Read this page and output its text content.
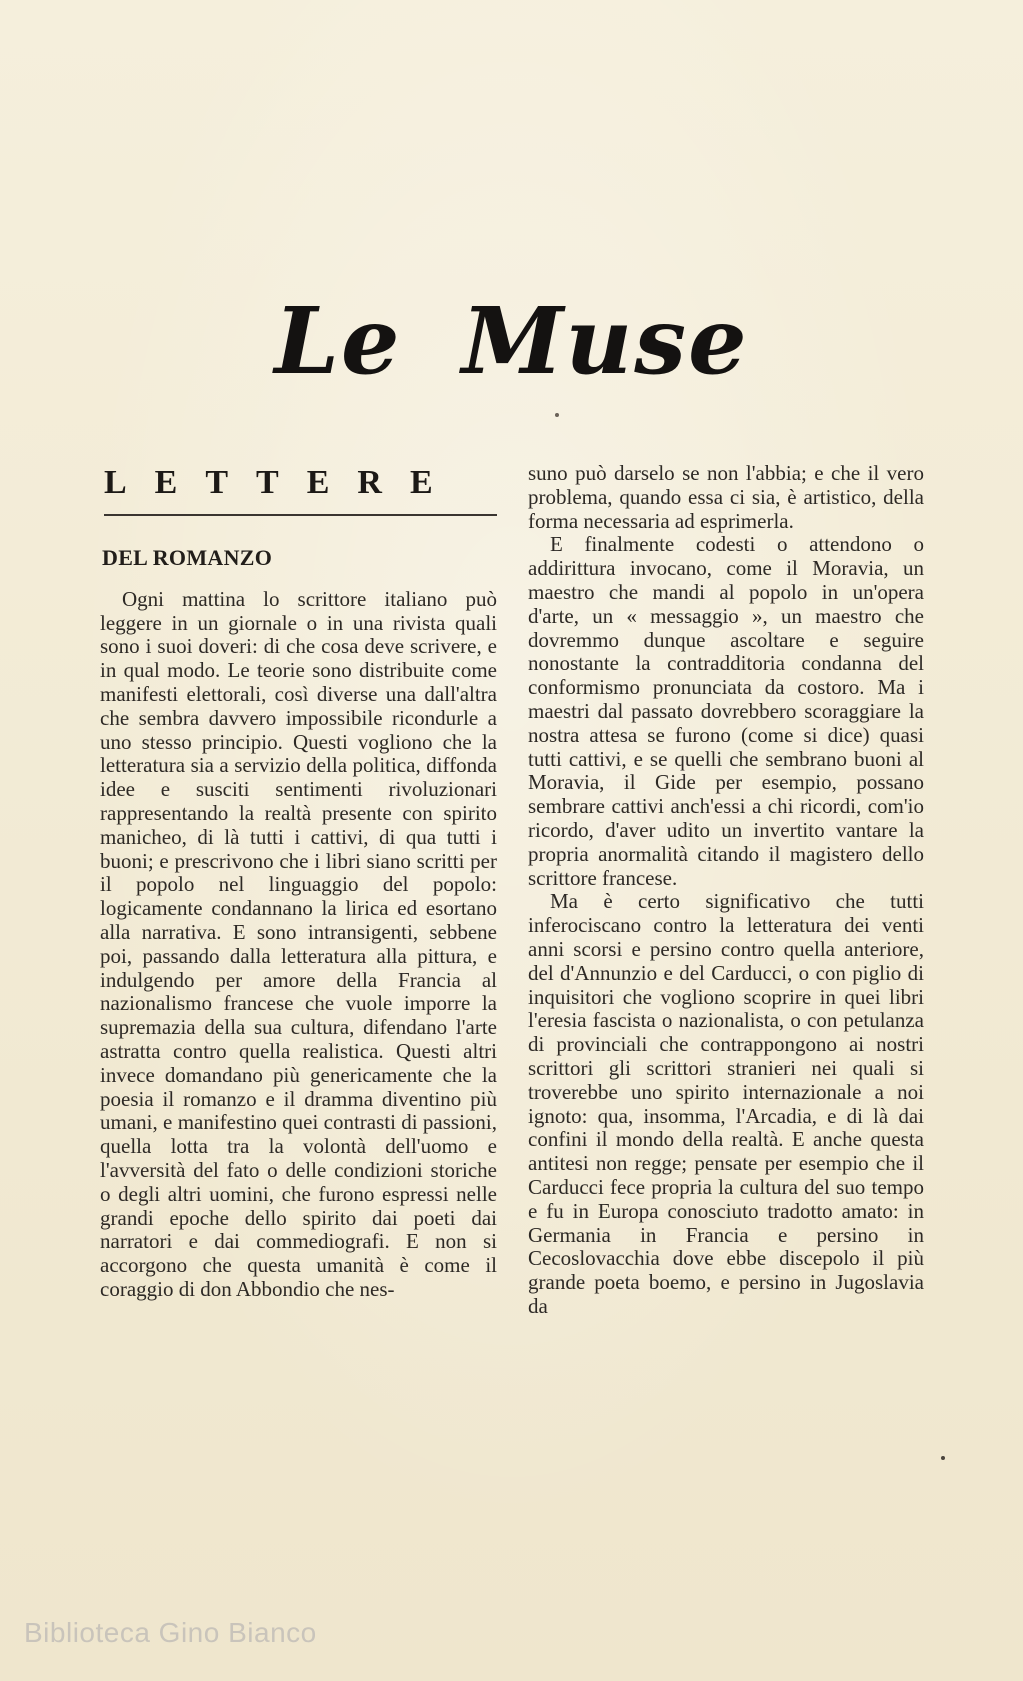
Le Muse
LETTERE
DEL ROMANZO

Ogni mattina lo scrittore italiano può leggere in un giornale o in una rivista quali sono i suoi doveri: di che cosa deve scrivere, e in qual modo. Le teorie sono distribuite come manifesti elettorali, così diverse una dall'altra che sembra davvero impossibile ricondurle a uno stesso principio. Questi vogliono che la letteratura sia a servizio della politica, diffonda idee e susciti sentimenti rivoluzionari rappresentando la realtà presente con spirito manicheo, di là tutti i cattivi, di qua tutti i buoni; e prescrivono che i libri siano scritti per il popolo nel linguaggio del popolo: logicamente condannano la lirica ed esortano alla narrativa. E sono intransigenti, sebbene poi, passando dalla letteratura alla pittura, e indulgendo per amore della Francia al nazionalismo francese che vuole imporre la supremazia della sua cultura, difendano l'arte astratta contro quella realistica. Questi altri invece domandano più genericamente che la poesia il romanzo e il dramma diventino più umani, e manifestino quei contrasti di passioni, quella lotta tra la volontà dell'uomo e l'avversità del fato o delle condizioni storiche o degli altri uomini, che furono espressi nelle grandi epoche dello spirito dai poeti dai narratori e dai commediografi. E non si accorgono che questa umanità è come il coraggio di don Abbondio che nes-

suno può darselo se non l'abbia; e che il vero problema, quando essa ci sia, è artistico, della forma necessaria ad esprimerla.

E finalmente codesti o attendono o addirittura invocano, come il Moravia, un maestro che mandi al popolo in un'opera d'arte, un « messaggio », un maestro che dovremmo dunque ascoltare e seguire nonostante la contradditoria condanna del conformismo pronunciata da costoro. Ma i maestri dal passato dovrebbero scoraggiare la nostra attesa se furono (come si dice) quasi tutti cattivi, e se quelli che sembrano buoni al Moravia, il Gide per esempio, possano sembrare cattivi anch'essi a chi ricordi, com'io ricordo, d'aver udito un invertito vantare la propria anormalità citando il magistero dello scrittore francese.

Ma è certo significativo che tutti inferociscano contro la letteratura dei venti anni scorsi e persino contro quella anteriore, del d'Annunzio e del Carducci, o con piglio di inquisitori che vogliono scoprire in quei libri l'eresia fascista o nazionalista, o con petulanza di provinciali che contrappongono ai nostri scrittori gli scrittori stranieri nei quali si troverebbe uno spirito internazionale a noi ignoto: qua, insomma, l'Arcadia, e di là dai confini il mondo della realtà. E anche questa antitesi non regge; pensate per esempio che il Carducci fece propria la cultura del suo tempo e fu in Europa conosciuto tradotto amato: in Germania in Francia e persino in Cecoslovacchia dove ebbe discepolo il più grande poeta boemo, e persino in Jugoslavia da

Biblioteca Gino Bianco
